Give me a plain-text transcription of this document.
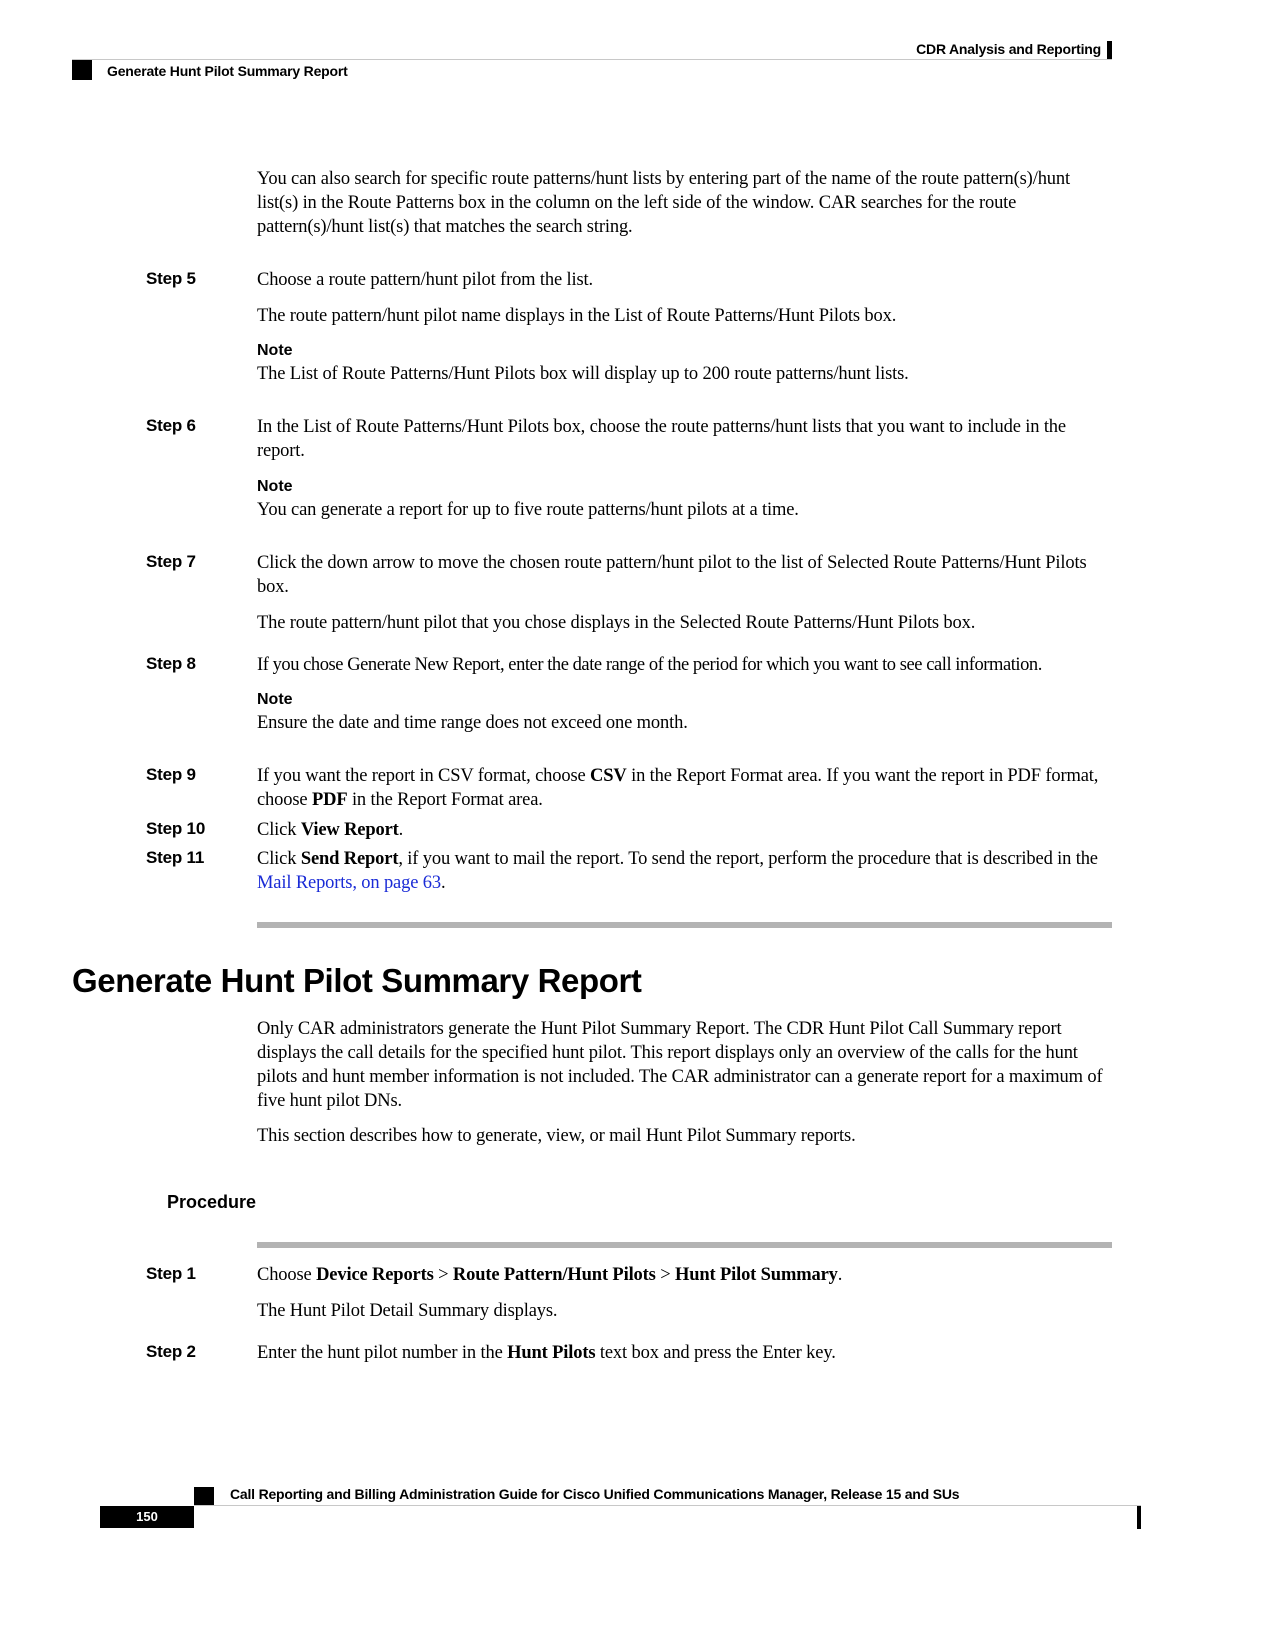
CDR Analysis and Reporting
Generate Hunt Pilot Summary Report
You can also search for specific route patterns/hunt lists by entering part of the name of the route pattern(s)/hunt list(s) in the Route Patterns box in the column on the left side of the window. CAR searches for the route pattern(s)/hunt list(s) that matches the search string.
Step 5	Choose a route pattern/hunt pilot from the list.
The route pattern/hunt pilot name displays in the List of Route Patterns/Hunt Pilots box.
Note
The List of Route Patterns/Hunt Pilots box will display up to 200 route patterns/hunt lists.
Step 6	In the List of Route Patterns/Hunt Pilots box, choose the route patterns/hunt lists that you want to include in the report.
Note
You can generate a report for up to five route patterns/hunt pilots at a time.
Step 7	Click the down arrow to move the chosen route pattern/hunt pilot to the list of Selected Route Patterns/Hunt Pilots box.
The route pattern/hunt pilot that you chose displays in the Selected Route Patterns/Hunt Pilots box.
Step 8	If you chose Generate New Report, enter the date range of the period for which you want to see call information.
Note
Ensure the date and time range does not exceed one month.
Step 9	If you want the report in CSV format, choose CSV in the Report Format area. If you want the report in PDF format, choose PDF in the Report Format area.
Step 10	Click View Report.
Step 11	Click Send Report, if you want to mail the report. To send the report, perform the procedure that is described in the Mail Reports, on page 63.
Generate Hunt Pilot Summary Report
Only CAR administrators generate the Hunt Pilot Summary Report. The CDR Hunt Pilot Call Summary report displays the call details for the specified hunt pilot. This report displays only an overview of the calls for the hunt pilots and hunt member information is not included. The CAR administrator can a generate report for a maximum of five hunt pilot DNs.
This section describes how to generate, view, or mail Hunt Pilot Summary reports.
Procedure
Step 1	Choose Device Reports > Route Pattern/Hunt Pilots > Hunt Pilot Summary.
The Hunt Pilot Detail Summary displays.
Step 2	Enter the hunt pilot number in the Hunt Pilots text box and press the Enter key.
Call Reporting and Billing Administration Guide for Cisco Unified Communications Manager, Release 15 and SUs
150
